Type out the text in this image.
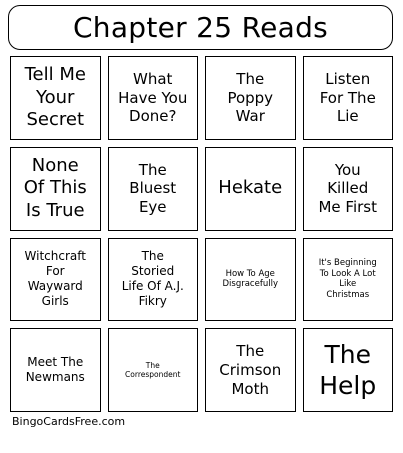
Chapter 25 Reads
Tell Me
Your
Secret
What
Have You
Done?
The
Poppy
War
Listen
For The
Lie
None
Of This
Is True
The
Bluest
Eye
Hekate
You
Killed
Me First
Witchcraft
For
Wayward
Girls
The
Storied
Life Of A.J.
Fikry
How To Age
Disgracefully
It's Beginning
To Look A Lot
Like
Christmas
Meet The
Newmans
The
Correspondent
The
Crimson
Moth
The
Help
BingoCardsFree.com
